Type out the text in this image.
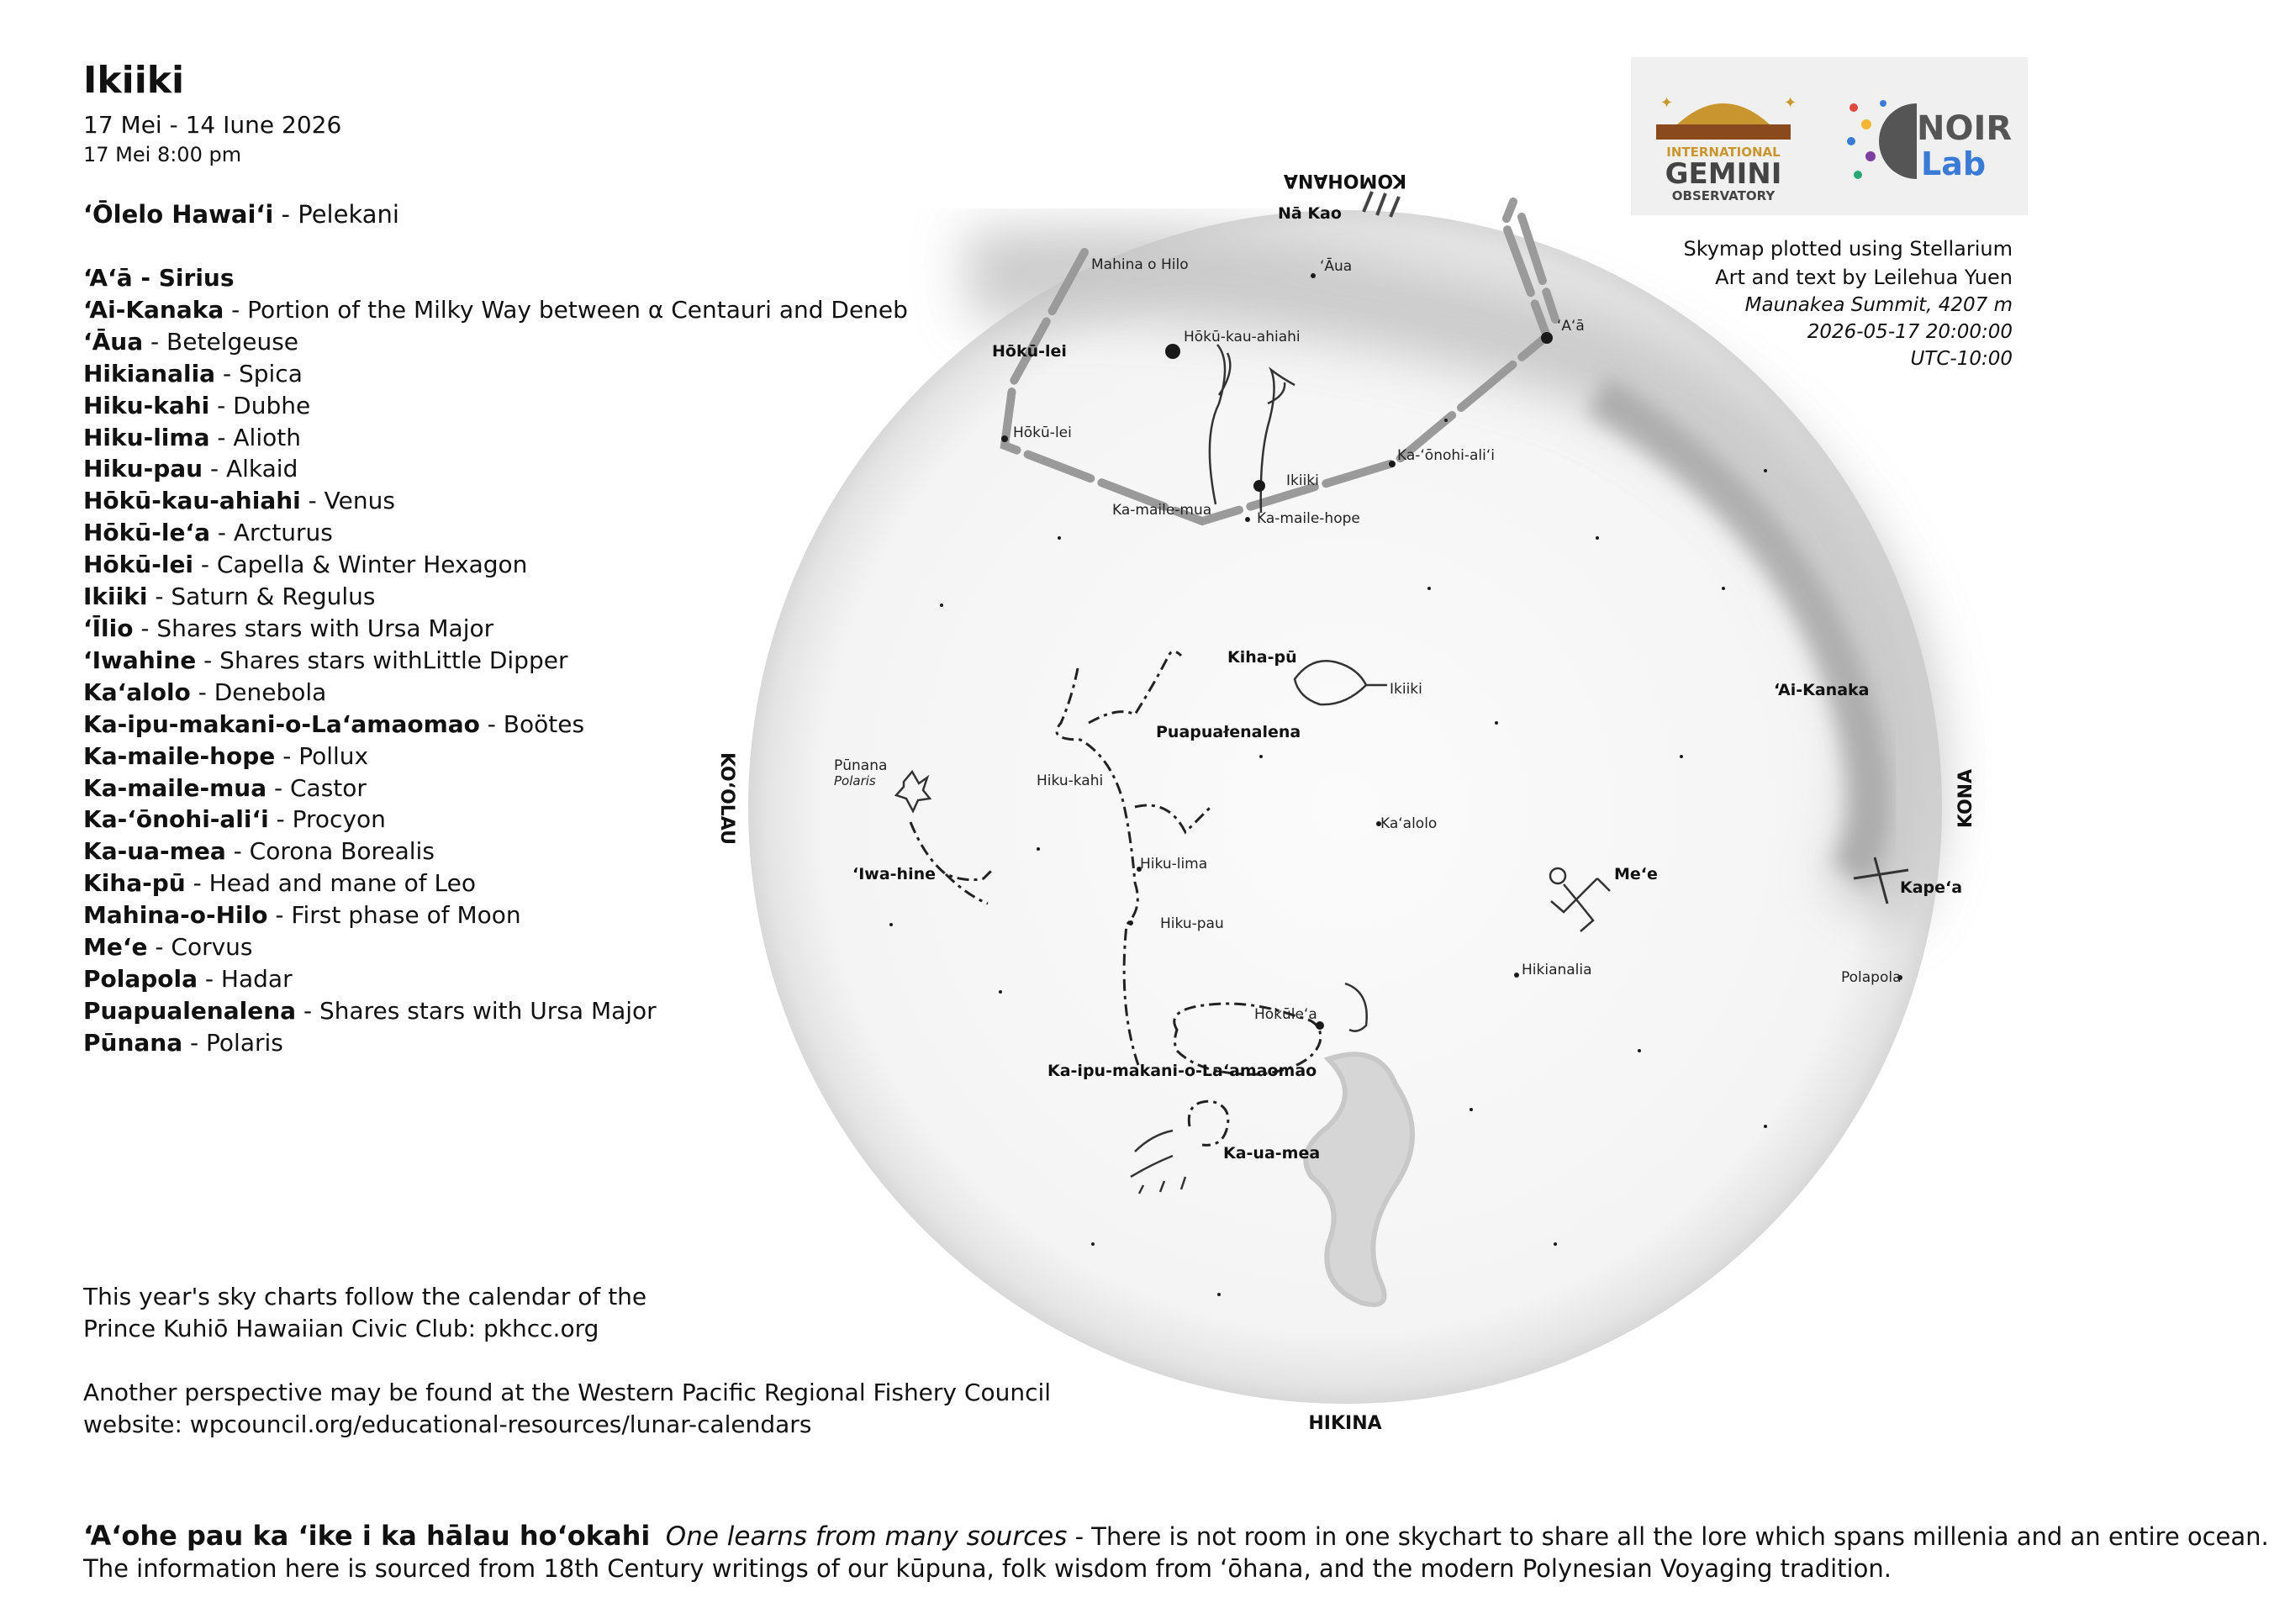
KOMOHANA
HIKINA
KOʻOLAU	KONA
Nā Kao
Mahina o Hilo	ʻĀua
Hōkū-kau-ahiahi
ʻAʻā
Hōkū-lei
Hōkū-lei
Ka-ʻōnohi-aliʻi
Ikiiki
Ka-maile-mua	Ka-maile-hope
Kiha-pū
Ikiiki
Puapuałenalena
ʻAi-Kanaka
Pūnana
Polaris	Hiku-kahi
Kaʻalolo
ʻIwa-hine
Hiku-lima
Meʻe
Kapeʻa
Hiku-pau
Hikianalia	Polapola
Hōkūleʻa
Ka-ipu-makani-o-Laʻamaomao
Ka-ua-mea
Ikiiki
17 Mei - 14 Iune 2026
17 Mei 8:00 pm
ʻŌlelo Hawaiʻi - Pelekani
ʻAʻā - Sirius
ʻAi-Kanaka - Portion of the Milky Way between α Centauri and Deneb
ʻĀua - Betelgeuse
Hikianalia - Spica
Hiku-kahi - Dubhe
Hiku-lima - Alioth
Hiku-pau - Alkaid
Hōkū-kau-ahiahi - Venus
Hōkū-leʻa - Arcturus
Hōkū-lei - Capella & Winter Hexagon
Ikiiki - Saturn & Regulus
ʻĪlio - Shares stars with Ursa Major
ʻIwahine - Shares stars withLittle Dipper
Kaʻalolo - Denebola
Ka-ipu-makani-o-Laʻamaomao - Boötes
Ka-maile-hope - Pollux
Ka-maile-mua - Castor
Ka-ʻōnohi-aliʻi - Procyon
Ka-ua-mea - Corona Borealis
Kiha-pū - Head and mane of Leo
Mahina-o-Hilo - First phase of Moon
Meʻe - Corvus
Polapola - Hadar
Puapualenalena - Shares stars with Ursa Major
Pūnana - Polaris
This year's sky charts follow the calendar of the
Prince Kuhiō Hawaiian Civic Club: pkhcc.org
Another perspective may be found at the Western Pacific Regional Fishery Council
website: wpcouncil.org/educational-resources/lunar-calendars
INTERNATIONAL
GEMINI
OBSERVATORY
✦	✦
NOIR
Lab
Skymap plotted using Stellarium
Art and text by Leilehua Yuen
Maunakea Summit, 4207 m
2026-05-17 20:00:00
UTC-10:00
ʻAʻohe pau ka ʻike i ka hālau hoʻokahi One learns from many sources - There is not room in one skychart to share all the lore which spans millenia and an entire ocean.
The information here is sourced from 18th Century writings of our kūpuna, folk wisdom from ʻōhana, and the modern Polynesian Voyaging tradition.
